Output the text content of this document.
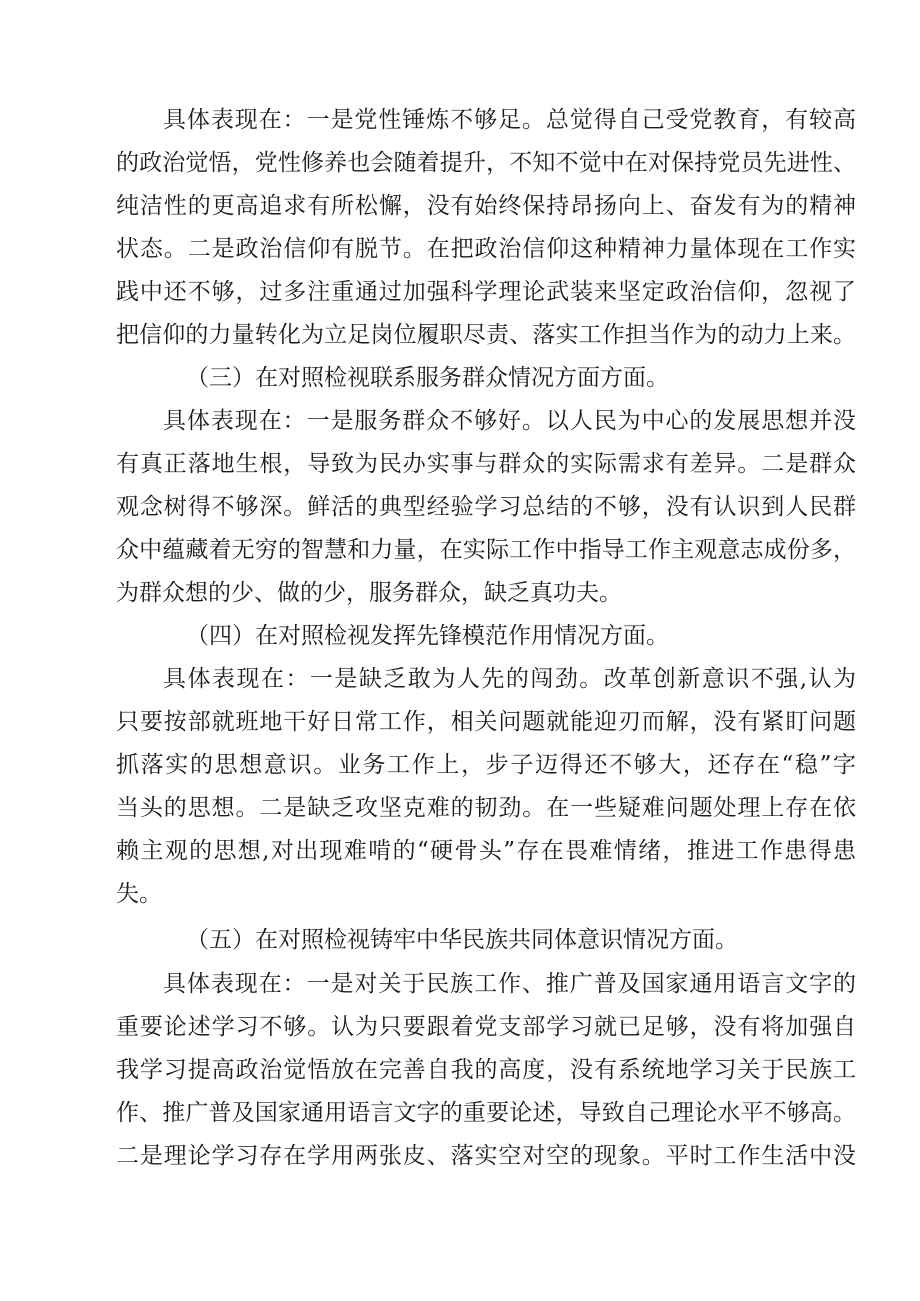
具体表现在：一是党性锤炼不够足。总觉得自己受党教育，有较高
的政治觉悟，党性修养也会随着提升，不知不觉中在对保持党员先进性、
纯洁性的更高追求有所松懈，没有始终保持昂扬向上、奋发有为的精神
状态。二是政治信仰有脱节。在把政治信仰这种精神力量体现在工作实
践中还不够，过多注重通过加强科学理论武装来坚定政治信仰，忽视了
把信仰的力量转化为立足岗位履职尽责、落实工作担当作为的动力上来。
（三）在对照检视联系服务群众情况方面方面。
具体表现在：一是服务群众不够好。以人民为中心的发展思想并没
有真正落地生根，导致为民办实事与群众的实际需求有差异。二是群众
观念树得不够深。鲜活的典型经验学习总结的不够，没有认识到人民群
众中蕴藏着无穷的智慧和力量，在实际工作中指导工作主观意志成份多，
为群众想的少、做的少，服务群众，缺乏真功夫。
（四）在对照检视发挥先锋模范作用情况方面。
具体表现在：一是缺乏敢为人先的闯劲。改革创新意识不强,认为
只要按部就班地干好日常工作，相关问题就能迎刃而解，没有紧盯问题
抓落实的思想意识。业务工作上，步子迈得还不够大，还存在“稳”字
当头的思想。二是缺乏攻坚克难的韧劲。在一些疑难问题处理上存在依
赖主观的思想,对出现难啃的“硬骨头”存在畏难情绪，推进工作患得患
失。
（五）在对照检视铸牢中华民族共同体意识情况方面。
具体表现在：一是对关于民族工作、推广普及国家通用语言文字的
重要论述学习不够。认为只要跟着党支部学习就已足够，没有将加强自
我学习提高政治觉悟放在完善自我的高度，没有系统地学习关于民族工
作、推广普及国家通用语言文字的重要论述，导致自己理论水平不够高。
二是理论学习存在学用两张皮、落实空对空的现象。平时工作生活中没
